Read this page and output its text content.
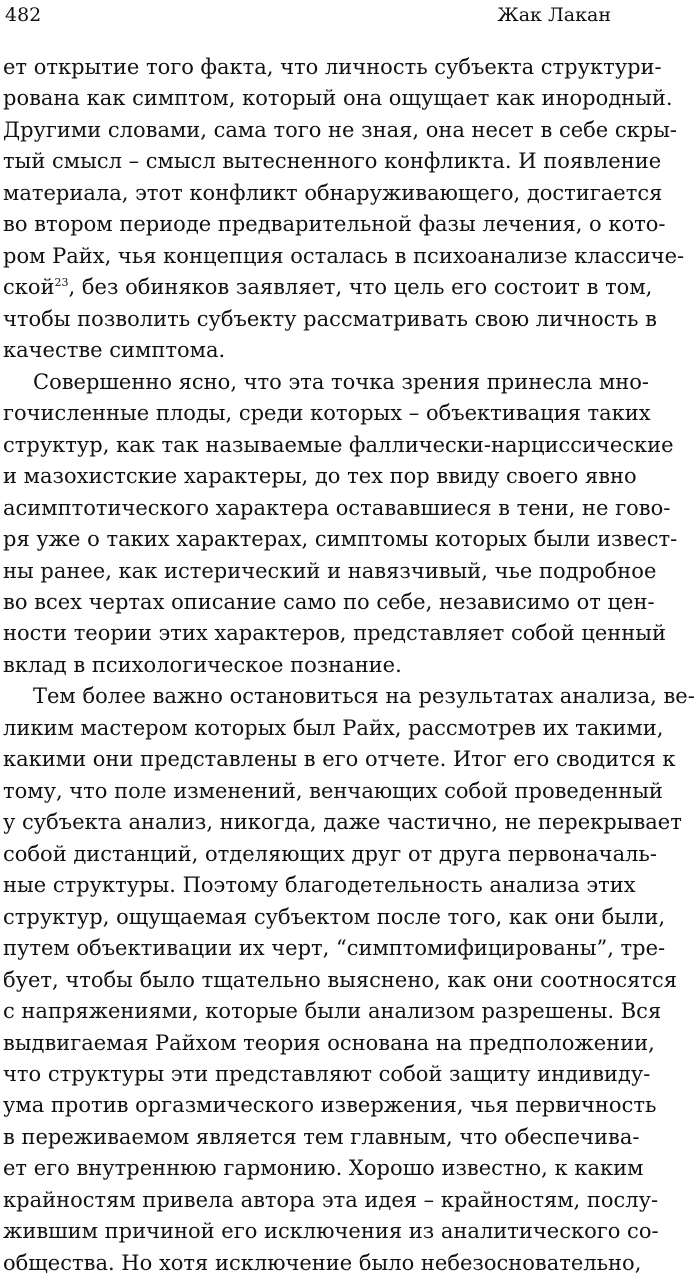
482	Жак Лакан
ет открытие того факта, что личность субъекта структури-
рована как симптом, который она ощущает как инородный.
Другими словами, сама того не зная, она несет в себе скры-
тый смысл – смысл вытесненного конфликта. И появление
материала, этот конфликт обнаруживающего, достигается
во втором периоде предварительной фазы лечения, о кото-
ром Райх, чья концепция осталась в психоанализе классиче-
ской$^{23}$, без обиняков заявляет, что цель его состоит в том,
чтобы позволить субъекту рассматривать свою личность в
качестве симптома.
Совершенно ясно, что эта точка зрения принесла мно-
гочисленные плоды, среди которых – объективация таких
структур, как так называемые фаллически-нарциссические
и мазохистские характеры, до тех пор ввиду своего явно
асимптотического характера остававшиеся в тени, не гово-
ря уже о таких характерах, симптомы которых были извест-
ны ранее, как истерический и навязчивый, чье подробное
во всех чертах описание само по себе, независимо от цен-
ности теории этих характеров, представляет собой ценный
вклад в психологическое познание.
Тем более важно остановиться на результатах анализа, ве-
ликим мастером которых был Райх, рассмотрев их такими,
какими они представлены в его отчете. Итог его сводится к
тому, что поле изменений, венчающих собой проведенный
у субъекта анализ, никогда, даже частично, не перекрывает
собой дистанций, отделяющих друг от друга первоначаль-
ные структуры. Поэтому благодетельность анализа этих
структур, ощущаемая субъектом после того, как они были,
путем объективации их черт, “симптомифицированы”, тре-
бует, чтобы было тщательно выяснено, как они соотносятся
с напряжениями, которые были анализом разрешены. Вся
выдвигаемая Райхом теория основана на предположении,
что структуры эти представляют собой защиту индивиду-
ума против оргазмического извержения, чья первичность
в переживаемом является тем главным, что обеспечива-
ет его внутреннюю гармонию. Хорошо известно, к каким
крайностям привела автора эта идея – крайностям, послу-
жившим причиной его исключения из аналитического со-
общества. Но хотя исключение было небезосновательно,
